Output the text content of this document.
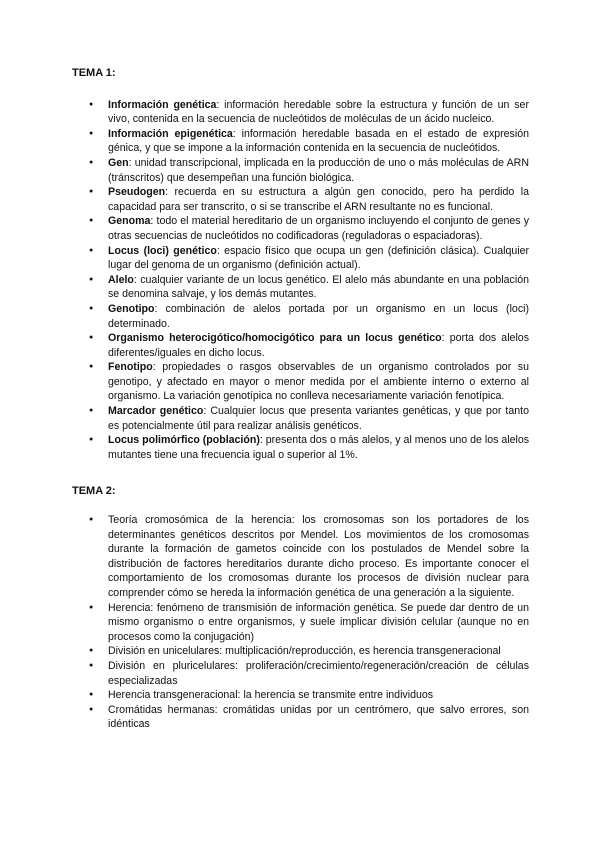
TEMA 1:
● Información genética: información heredable sobre la estructura y función de un ser vivo, contenida en la secuencia de nucleótidos de moléculas de un ácido nucleico.
● Información epigenética: información heredable basada en el estado de expresión génica, y que se impone a la información contenida en la secuencia de nucleótidos.
● Gen: unidad transcripcional, implicada en la producción de uno o más moléculas de ARN (tránscritos) que desempeñan una función biológica.
● Pseudogen: recuerda en su estructura a algún gen conocido, pero ha perdido la capacidad para ser transcrito, o si se transcribe el ARN resultante no es funcional.
● Genoma: todo el material hereditario de un organismo incluyendo el conjunto de genes y otras secuencias de nucleótidos no codificadoras (reguladoras o espaciadoras).
● Locus (loci) genético: espacio físico que ocupa un gen (definición clásica). Cualquier lugar del genoma de un organismo (definición actual).
● Alelo: cualquier variante de un locus genético. El alelo más abundante en una población se denomina salvaje, y los demás mutantes.
● Genotipo: combinación de alelos portada por un organismo en un locus (loci) determinado.
● Organismo heterocigótico/homocigótico para un locus genético: porta dos alelos diferentes/iguales en dicho locus.
● Fenotipo: propiedades o rasgos observables de un organismo controlados por su genotipo, y afectado en mayor o menor medida por el ambiente interno o externo al organismo. La variación genotípica no conlleva necesariamente variación fenotípica.
● Marcador genético: Cualquier locus que presenta variantes genéticas, y que por tanto es potencialmente útil para realizar análisis genéticos.
● Locus polimórfico (población): presenta dos o más alelos, y al menos uno de los alelos mutantes tiene una frecuencia igual o superior al 1%.
TEMA 2:
● Teoría cromosómica de la herencia: los cromosomas son los portadores de los determinantes genéticos descritos por Mendel. Los movimientos de los cromosomas durante la formación de gametos coincide con los postulados de Mendel sobre la distribución de factores hereditarios durante dicho proceso. Es importante conocer el comportamiento de los cromosomas durante los procesos de división nuclear para comprender cómo se hereda la información genética de una generación a la siguiente.
● Herencia: fenómeno de transmisión de información genética. Se puede dar dentro de un mismo organismo o entre organismos, y suele implicar división celular (aunque no en procesos como la conjugación)
● División en unicelulares: multiplicación/reproducción, es herencia transgeneracional
● División en pluricelulares: proliferación/crecimiento/regeneración/creación de células especializadas
● Herencia transgeneracional: la herencia se transmite entre individuos
● Cromátidas hermanas: cromátidas unidas por un centrómero, que salvo errores, son idénticas
